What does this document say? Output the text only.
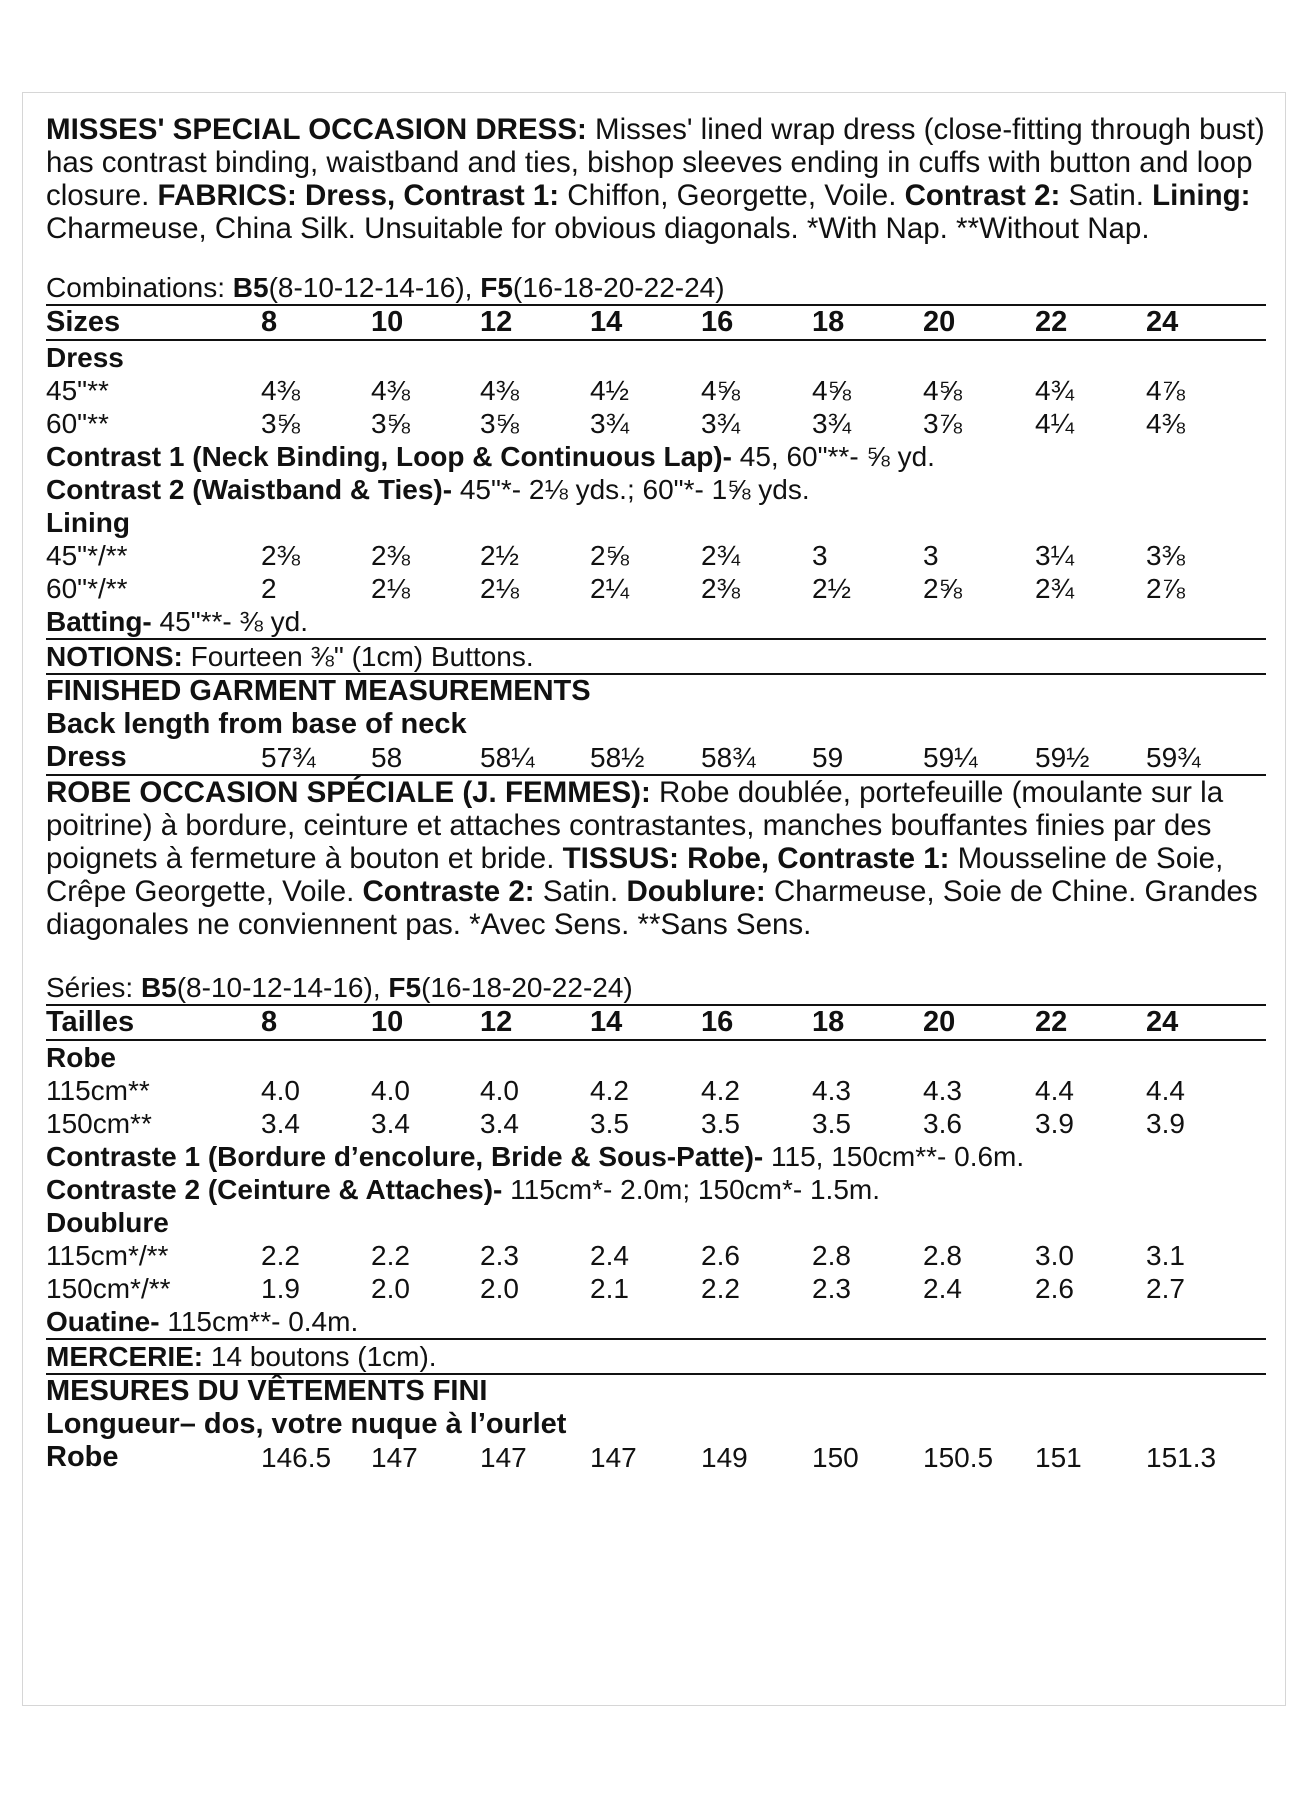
MISSES' SPECIAL OCCASION DRESS: Misses' lined wrap dress (close-fitting through bust) has contrast binding, waistband and ties, bishop sleeves ending in cuffs with button and loop closure. FABRICS: Dress, Contrast 1: Chiffon, Georgette, Voile. Contrast 2: Satin. Lining: Charmeuse, China Silk. Unsuitable for obvious diagonals. *With Nap. **Without Nap.

Combinations: B5(8-10-12-14-16), F5(16-18-20-22-24)

Sizes	8	10	12	14	16	18	20	22	24
Dress
45"**	4⅜	4⅜	4⅜	4½	4⅝	4⅝	4⅝	4¾	4⅞
60"**	3⅝	3⅝	3⅝	3¾	3¾	3¾	3⅞	4¼	4⅜
Contrast 1 (Neck Binding, Loop & Continuous Lap)- 45, 60"**- ⅝ yd.
Contrast 2 (Waistband & Ties)- 45"*- 2⅛ yds.; 60"*- 1⅝ yds.
Lining
45"*/**	2⅜	2⅜	2½	2⅝	2¾	3	3	3¼	3⅜
60"*/**	2	2⅛	2⅛	2¼	2⅜	2½	2⅝	2¾	2⅞
Batting- 45"**- ⅜ yd.
NOTIONS: Fourteen ⅜" (1cm) Buttons.
FINISHED GARMENT MEASUREMENTS
Back length from base of neck
Dress	57¾ 58	58¼ 58½ 58¾ 59	59¼ 59½ 59¾

ROBE OCCASION SPÉCIALE (J. FEMMES): Robe doublée, portefeuille (moulante sur la poitrine) à bordure, ceinture et attaches contrastantes, manches bouffantes finies par des poignets à fermeture à bouton et bride. TISSUS: Robe, Contraste 1: Mousseline de Soie, Crêpe Georgette, Voile. Contraste 2: Satin. Doublure: Charmeuse, Soie de Chine. Grandes diagonales ne conviennent pas. *Avec Sens. **Sans Sens.

Séries: B5(8-10-12-14-16), F5(16-18-20-22-24)

Tailles	8	10	12	14	16	18	20	22	24
Robe
115cm**	4.0	4.0	4.0	4.2	4.2	4.3	4.3	4.4	4.4
150cm**	3.4	3.4	3.4	3.5	3.5	3.5	3.6	3.9	3.9
Contraste 1 (Bordure d’encolure, Bride & Sous-Patte)- 115, 150cm**- 0.6m.
Contraste 2 (Ceinture & Attaches)- 115cm*- 2.0m; 150cm*- 1.5m.
Doublure
115cm*/**	2.2	2.2	2.3	2.4	2.6	2.8	2.8	3.0	3.1
150cm*/**	1.9	2.0	2.0	2.1	2.2	2.3	2.4	2.6	2.7
Ouatine- 115cm**- 0.4m.
MERCERIE: 14 boutons (1cm).
MESURES DU VÊTEMENTS FINI
Longueur– dos, votre nuque à l’ourlet
Robe	146.5 147 147 147 149 150 150.5 151 151.3
